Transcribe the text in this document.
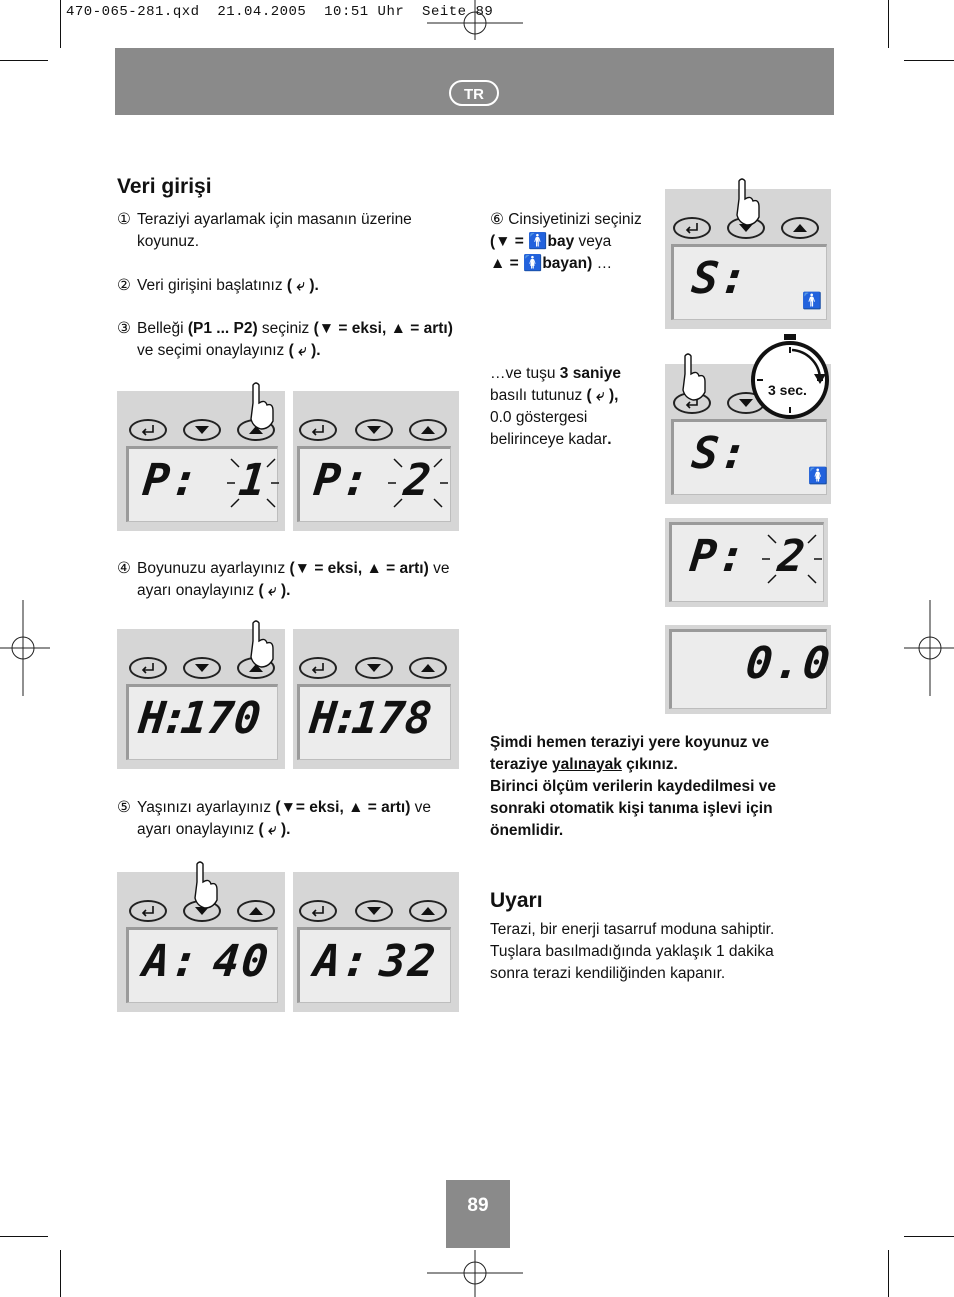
470-065-281.qxd  21.04.2005  10:51 Uhr  Seite 89
TR
Veri girişi
① Teraziyi ayarlamak için masanın üzerine koyunuz.
② Veri girişini başlatınız ( ⤶ ).
③ Belleği (P1 ... P2) seçiniz (▼ = eksi, ▲ = artı) ve seçimi onaylayınız ( ⤶ ).
P: 1 P: 2
④ Boyunuzu ayarlayınız (▼ = eksi, ▲ = artı) ve ayarı onaylayınız ( ⤶ ).
H:
170 H:
178
⑤ Yaşınızı ayarlayınız (▼= eksi, ▲ = artı) ve ayarı onaylayınız ( ⤶ ).
A: 40 A: 32
⑥ Cinsiyetinizi seçiniz
(▼ = 🚹bay veya
▲ = 🚺bayan) …	S:	🚹
…ve tuşu 3 saniye
basılı tutunuz ( ⤶ ),
0.0 göstergesi
belirinceye kadar.	S:	🚺
3 sec.
P: 2
0.0
Şimdi hemen teraziyi yere koyunuz ve
teraziye yalınayak çıkınız.
Birinci ölçüm verilerin kaydedilmesi ve
sonraki otomatik kişi tanıma işlevi için
önemlidir.
Uyarı
Terazi, bir enerji tasarruf moduna sahiptir.
Tuşlara basılmadığında yaklaşık 1 dakika
sonra terazi kendiliğinden kapanır.
89
